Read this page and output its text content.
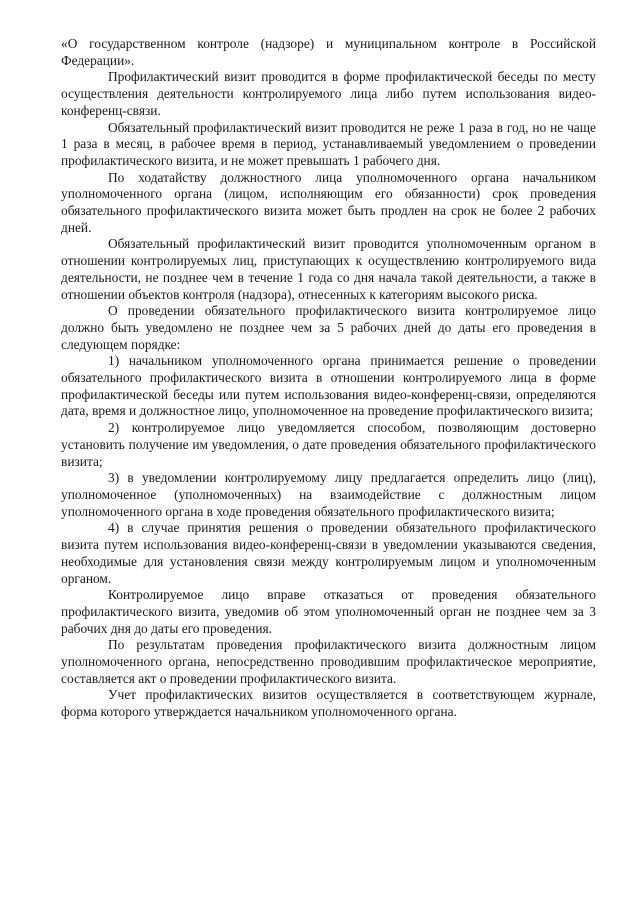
«О государственном контроле (надзоре) и муниципальном контроле в Российской Федерации».

Профилактический визит проводится в форме профилактической беседы по месту осуществления деятельности контролируемого лица либо путем использования видео-конференц-связи.

Обязательный профилактический визит проводится не реже 1 раза в год, но не чаще 1 раза в месяц, в рабочее время в период, устанавливаемый уведомлением о проведении профилактического визита, и не может превышать 1 рабочего дня.

По ходатайству должностного лица уполномоченного органа начальником уполномоченного органа (лицом, исполняющим его обязанности) срок проведения обязательного профилактического визита может быть продлен на срок не более 2 рабочих дней.

Обязательный профилактический визит проводится уполномоченным органом в отношении контролируемых лиц, приступающих к осуществлению контролируемого вида деятельности, не позднее чем в течение 1 года со дня начала такой деятельности, а также в отношении объектов контроля (надзора), отнесенных к категориям высокого риска.

О проведении обязательного профилактического визита контролируемое лицо должно быть уведомлено не позднее чем за 5 рабочих дней до даты его проведения в следующем порядке:

1) начальником уполномоченного органа принимается решение о проведении обязательного профилактического визита в отношении контролируемого лица в форме профилактической беседы или путем использования видео-конференц-связи, определяются дата, время и должностное лицо, уполномоченное на проведение профилактического визита;

2) контролируемое лицо уведомляется способом, позволяющим достоверно установить получение им уведомления, о дате проведения обязательного профилактического визита;

3) в уведомлении контролируемому лицу предлагается определить лицо (лиц), уполномоченное (уполномоченных) на взаимодействие с должностным лицом уполномоченного органа в ходе проведения обязательного профилактического визита;

4) в случае принятия решения о проведении обязательного профилактического визита путем использования видео-конференц-связи в уведомлении указываются сведения, необходимые для установления связи между контролируемым лицом и уполномоченным органом.

Контролируемое лицо вправе отказаться от проведения обязательного профилактического визита, уведомив об этом уполномоченный орган не позднее чем за 3 рабочих дня до даты его проведения.

По результатам проведения профилактического визита должностным лицом уполномоченного органа, непосредственно проводившим профилактическое мероприятие, составляется акт о проведении профилактического визита.

Учет профилактических визитов осуществляется в соответствующем журнале, форма которого утверждается начальником уполномоченного органа.
